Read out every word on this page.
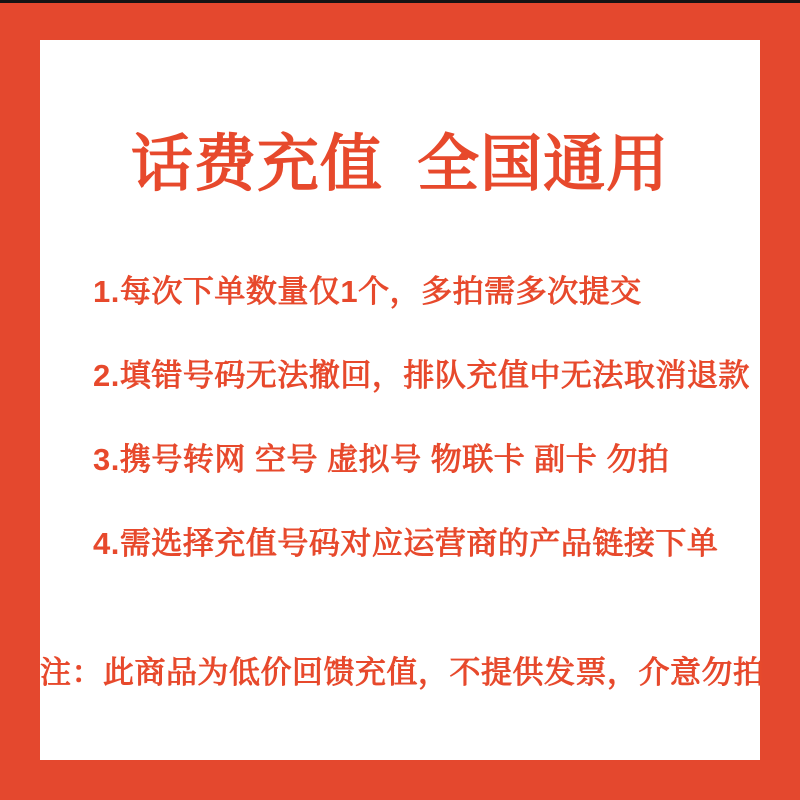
话费充值 全国通用
1.每次下单数量仅1个，多拍需多次提交
2.填错号码无法撤回，排队充值中无法取消退款
3.携号转网 空号 虚拟号 物联卡 副卡 勿拍
4.需选择充值号码对应运营商的产品链接下单
注：此商品为低价回馈充值，不提供发票，介意勿拍
